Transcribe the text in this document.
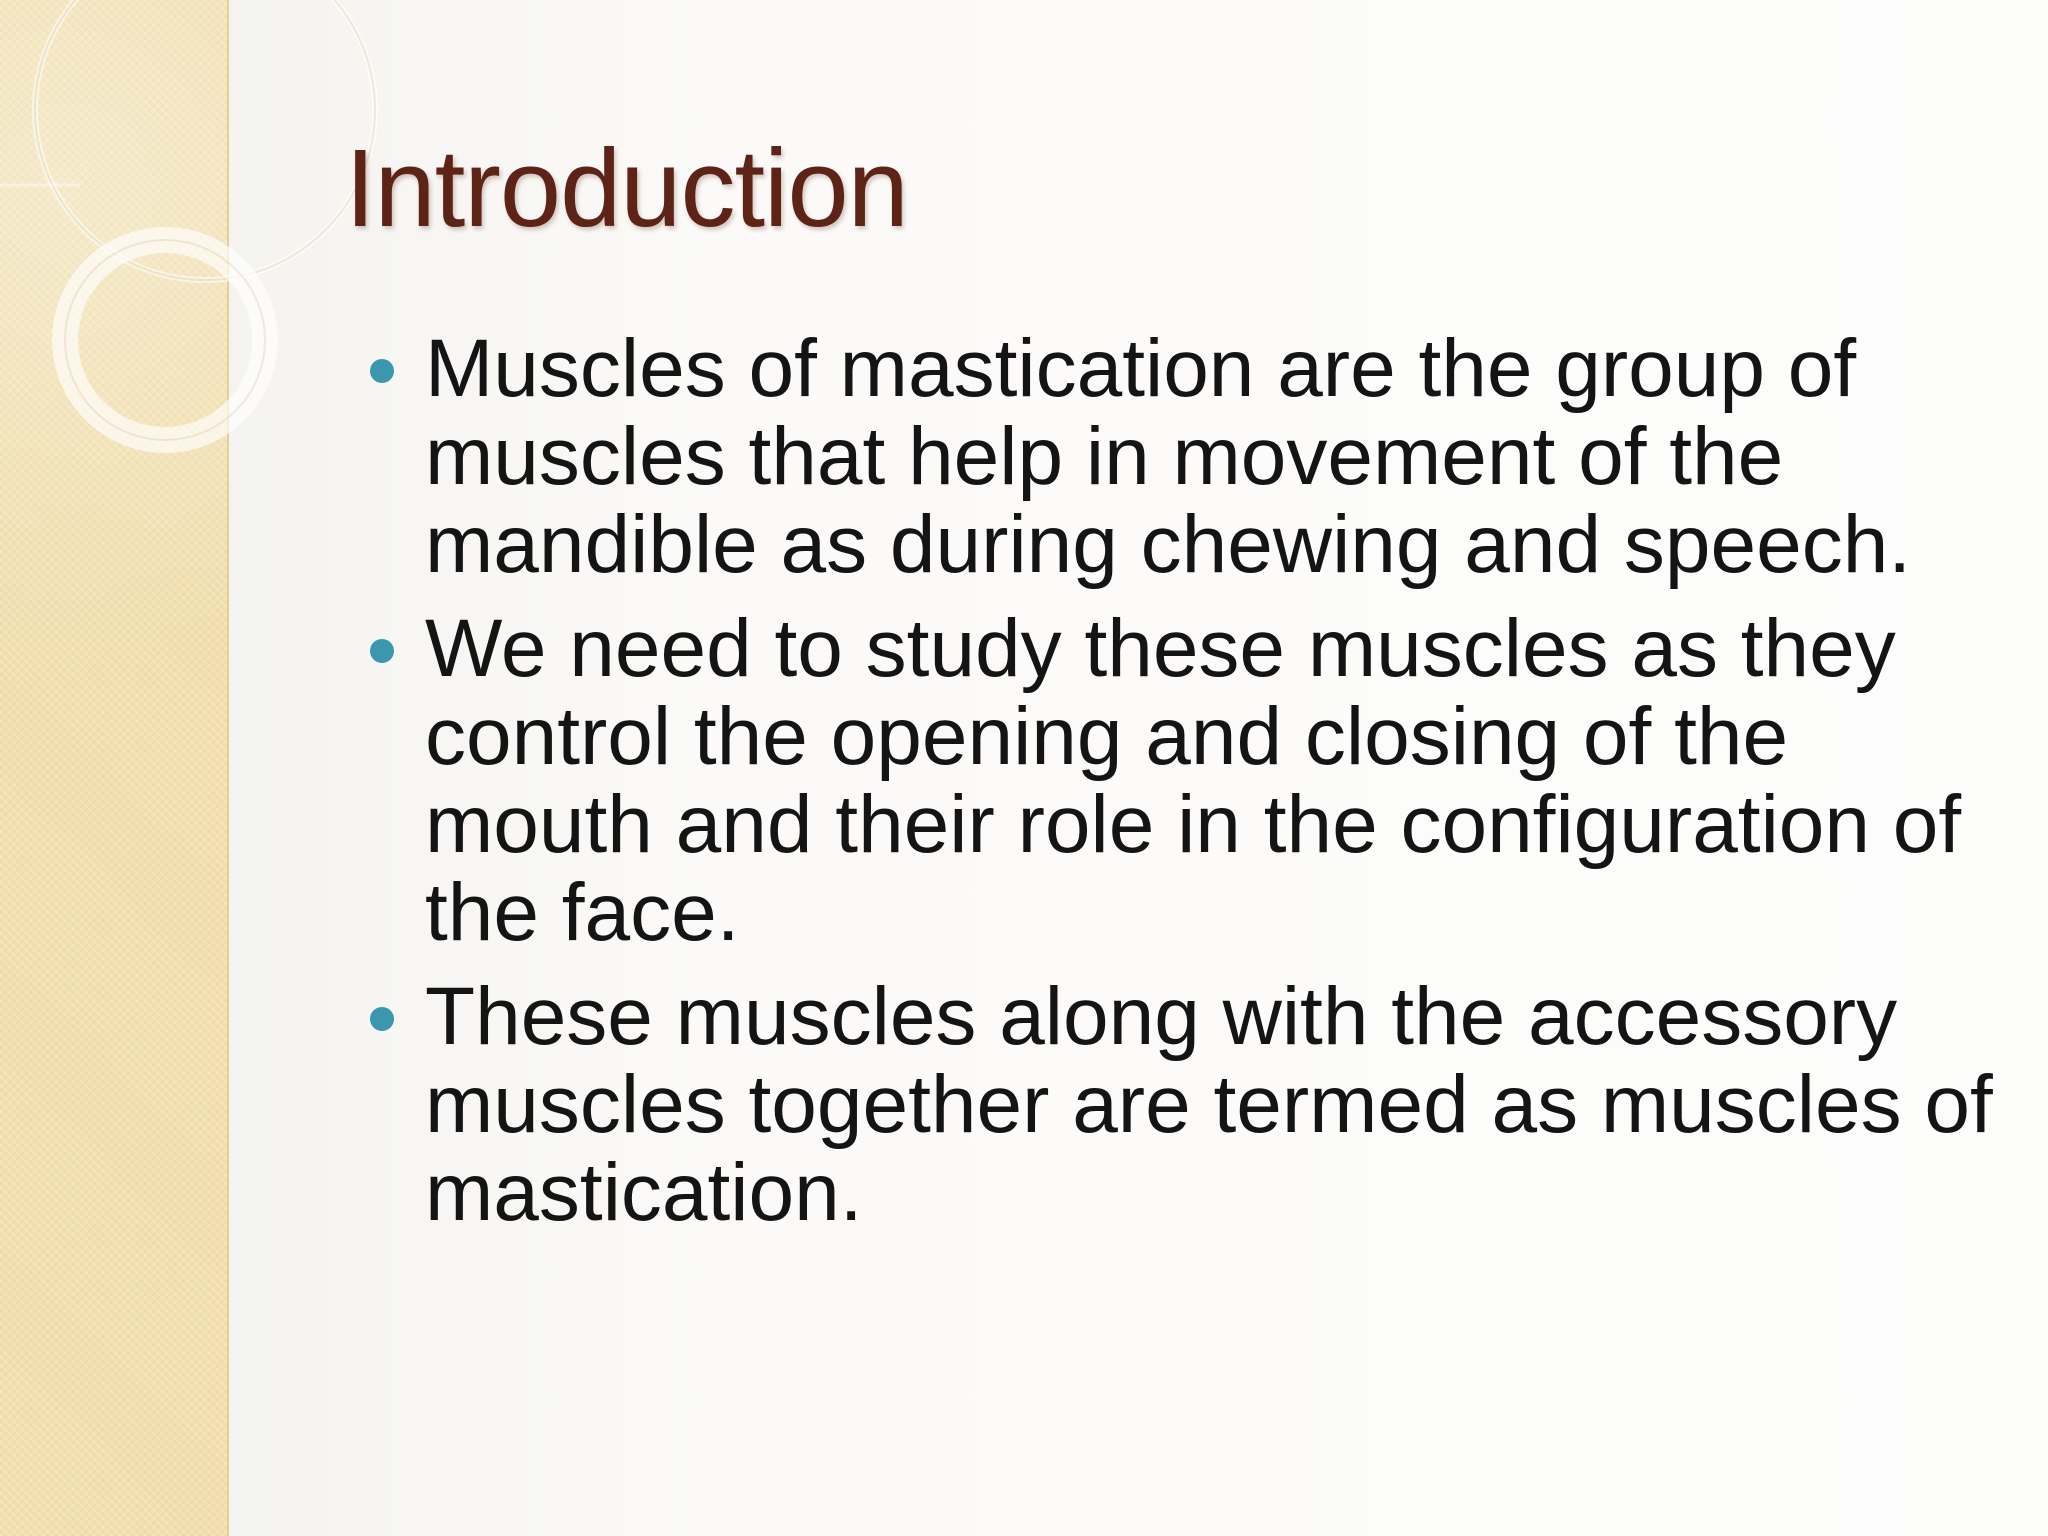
Introduction
Muscles of mastication are the group of muscles that help in movement of the mandible as during chewing and speech.
We need to study these muscles as they control the opening and closing of the mouth and their role in the configuration of the face.
These muscles along with the accessory muscles together are termed as muscles of mastication.
